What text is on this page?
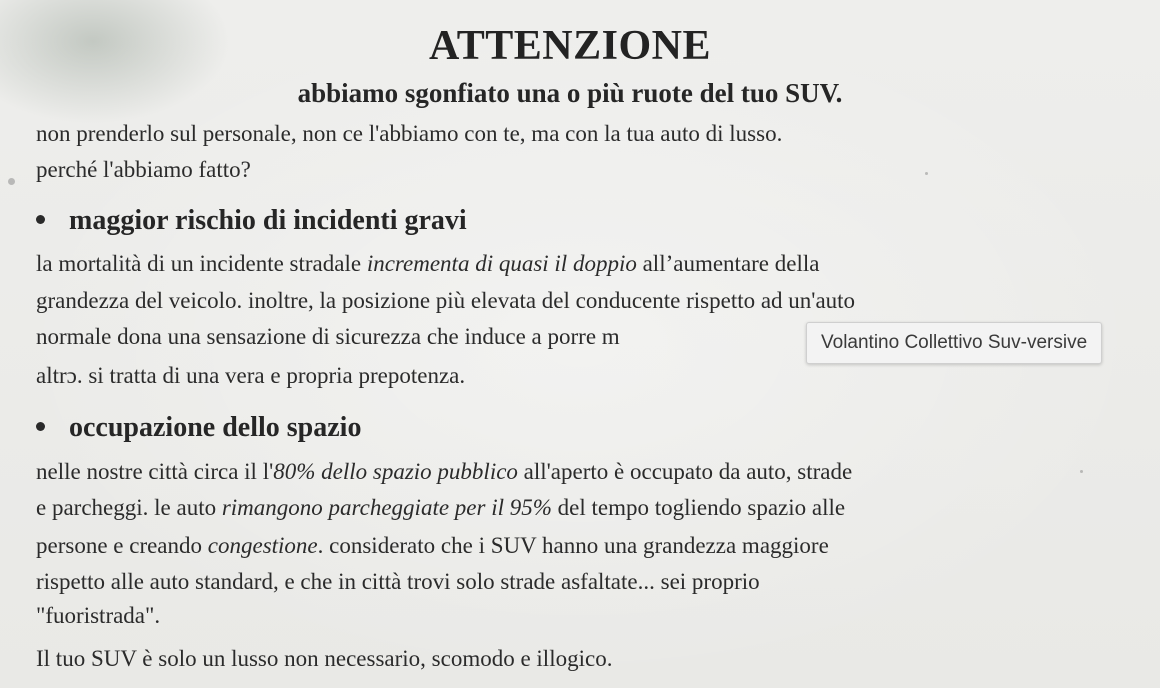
ATTENZIONE
abbiamo sgonfiato una o più ruote del tuo SUV.
non prenderlo sul personale, non ce l'abbiamo con te, ma con la tua auto di lusso.
perché l'abbiamo fatto?
maggior rischio di incidenti gravi
la mortalità di un incidente stradale incrementa di quasi il doppio all’aumentare della
grandezza del veicolo. inoltre, la posizione più elevata del conducente rispetto ad un'auto
normale dona una sensazione di sicurezza che induce a porre m
altrɔ. si tratta di una vera e propria prepotenza.
occupazione dello spazio
nelle nostre città circa il l'80% dello spazio pubblico all'aperto è occupato da auto, strade
e parcheggi. le auto rimangono parcheggiate per il 95% del tempo togliendo spazio alle
persone e creando congestione. considerato che i SUV hanno una grandezza maggiore
rispetto alle auto standard, e che in città trovi solo strade asfaltate... sei proprio
"fuoristrada".
Il tuo SUV è solo un lusso non necessario, scomodo e illogico.
Volantino Collettivo Suv-versive
